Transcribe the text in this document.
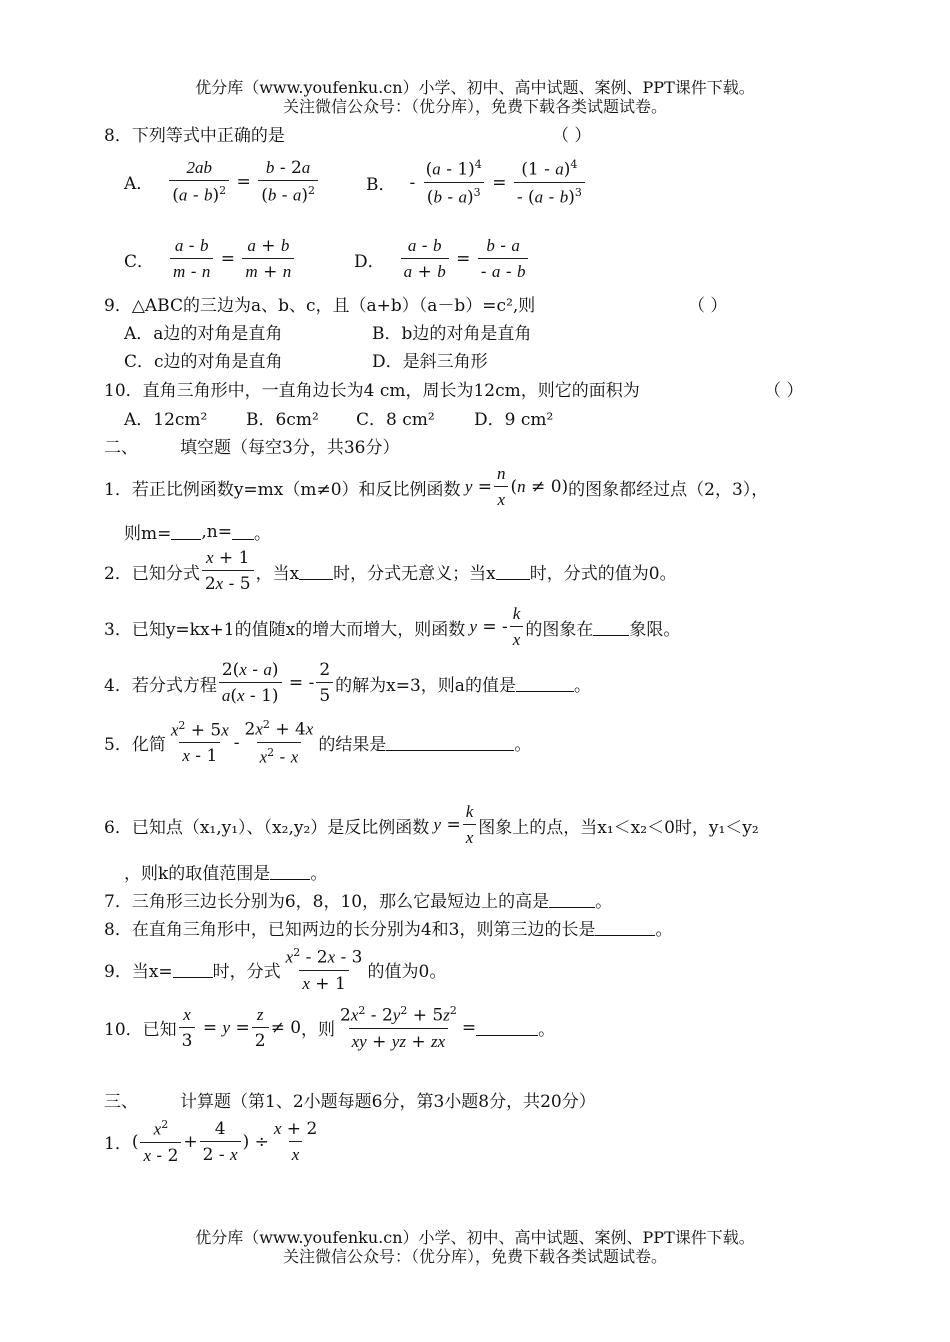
优分库（www.youfenku.cn）小学、初中、高中试题、案例、PPT课件下载。
关注微信公众号：（优分库），免费下载各类试题试卷。
8．下列等式中正确的是	（ ）
A． $\frac{2ab}{(a - b)^2} = \frac{b - 2a}{(b - a)^2}$	B． - $\frac{(a - 1)^4}{(b - a)^3} = \frac{(1 - a)^4}{- (a - b)^3}$
C． $\frac{a - b}{m - n} = \frac{a + b}{m + n}$	D． $\frac{a - b}{a + b} = \frac{b - a}{- a - b}$
9．△ABC的三边为a、b、c，且（a+b）（a－b）=c²,则	（ ）
A．a边的对角是直角	B．b边的对角是直角
C．c边的对角是直角	D．是斜三角形
10．直角三角形中，一直角边长为4 cm，周长为12cm，则它的面积为	（ ）
A．12cm² B．6cm² C．8 cm² D．9 cm²
二、 填空题（每空3分，共36分）
1．若正比例函数y=mx（m≠0）和反比例函数 $y = \frac{n}{x} (n \ne 0)$ 的图象都经过点（2，3），
则m= ,n= 。
2．已知分式 $\frac{x + 1}{2x - 5}$ ，当x 时，分式无意义；当x 时，分式的值为0。
3．已知y=kx+1的值随x的增大而增大，则函数 y = - $\frac{k}{x}$ 的图象在 象限。
4．若分式方程 $\frac{2(x - a)}{a(x - 1)}$ = - $\frac{2}{5}$ 的解为x=3，则a的值是	。
5．化简 $\frac{x^2 + 5x}{x - 1} - \frac{2x^2 + 4x}{x^2 - x}$ 的结果是	。
6．已知点（x₁,y₁）、（x₂,y₂）是反比例函数 $y = \frac{k}{x}$ 图象上的点，当x₁＜x₂＜0时，y₁＜y₂
，则k的取值范围是 。
7．三角形三边长分别为6，8，10，那么它最短边上的高是	。
8．在直角三角形中，已知两边的长分别为4和3，则第三边的长是	。
9．当x= 时，分式 $\frac{x^2 - 2x - 3}{x + 1}$ 的值为0。
10．已知 $\frac{x}{3} = y = \frac{z}{2} \ne 0$ ，则 $\frac{2x^2 - 2y^2 + 5z^2}{xy + yz + zx}$ =	。
三、 计算题（第1、2小题每题6分，第3小题8分，共20分）
1． ( $\frac{x^2}{x - 2} + \frac{4}{2 - x}$ ) ÷ $\frac{x + 2}{x}$
优分库（www.youfenku.cn）小学、初中、高中试题、案例、PPT课件下载。
关注微信公众号：（优分库），免费下载各类试题试卷。
